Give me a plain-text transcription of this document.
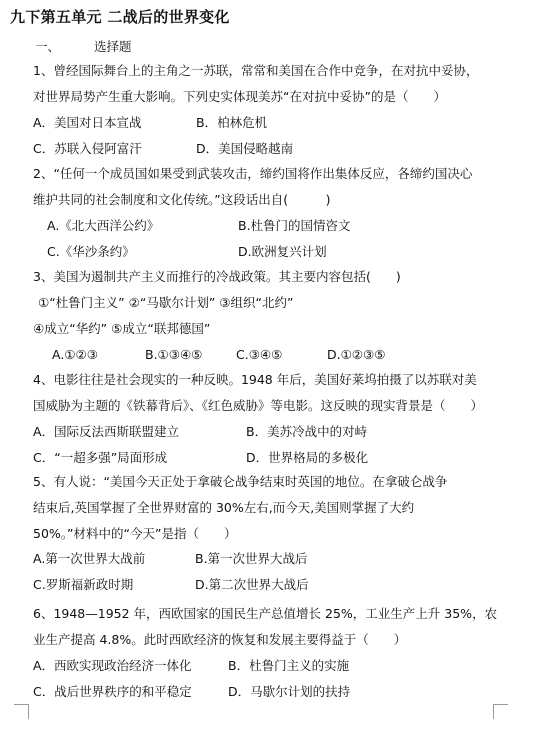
九下第五单元 二战后的世界变化
一、	选择题
1、曾经国际舞台上的主角之一苏联，常常和美国在合作中竞争，在对抗中妥协，
对世界局势产生重大影响。下列史实体现美苏“在对抗中妥协”的是（　　）
A．美国对日本宣战	B．柏林危机
C．苏联入侵阿富汗	D．美国侵略越南
2、“任何一个成员国如果受到武装攻击，缔约国将作出集体反应，各缔约国决心
维护共同的社会制度和文化传统。”这段话出自(　　　)
A.《北大西洋公约》	B.杜鲁门的国情咨文
C.《华沙条约》	D.欧洲复兴计划
3、美国为遏制共产主义而推行的冷战政策。其主要内容包括(　　)
①“杜鲁门主义” ②“马歇尔计划” ③组织“北约”
④成立“华约” ⑤成立“联邦德国”
A.①②③	B.①③④⑤	C.③④⑤	D.①②③⑤
4、电影往往是社会现实的一种反映。1948 年后，美国好莱坞拍摄了以苏联对美
国威胁为主题的《铁幕背后》、《红色威胁》等电影。这反映的现实背景是（　　）
A．国际反法西斯联盟建立	B．美苏冷战中的对峙
C．“一超多强”局面形成	D．世界格局的多极化
5、有人说：“美国今天正处于拿破仑战争结束时英国的地位。在拿破仑战争
结束后,英国掌握了全世界财富的 30%左右,而今天,美国则掌握了大约
50%。”材料中的“今天”是指（　　）
A.第一次世界大战前	B.第一次世界大战后
C.罗斯福新政时期	D.第二次世界大战后
6、1948—1952 年，西欧国家的国民生产总值增长 25%，工业生产上升 35%，农
业生产提高 4.8%。此时西欧经济的恢复和发展主要得益于（　　）
A．西欧实现政治经济一体化	B．杜鲁门主义的实施
C．战后世界秩序的和平稳定	D．马歇尔计划的扶持
